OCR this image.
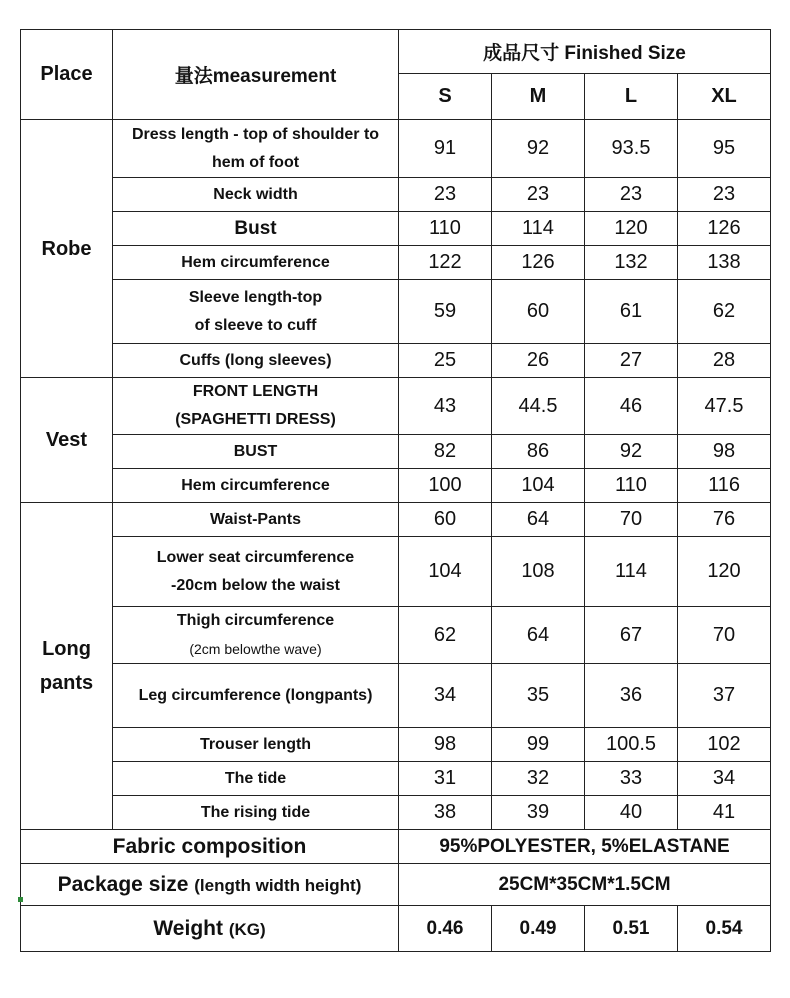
Place	量法measurement	成品尺寸 Finished Size			
		S	M	L	XL
Robe	Dress length - top of shoulder to
hem of foot	91	92	93.5	95

	Neck width	23	23	23	23

	Bust	110	114	120	126

	Hem circumference	122	126	132	138

	Sleeve length-top
of sleeve to cuff	59	60	61	62

	Cuffs (long sleeves)	25	26	27	28
Vest	FRONT LENGTH
(SPAGHETTI DRESS)	43	44.5	46	47.5

	BUST	82	86	92	98

	Hem circumference	100	104	110	116

Long
pants	Waist-Pants	60	64	70	76

	Lower seat circumference
-20cm below the waist	104	108	114	120

	Thigh circumference
(2cm belowthe wave)	62	64	67	70

	Leg circumference (longpants)	34	35	36	37

	Trouser length	98	99	100.5	102

	The tide	31	32	33	34

	The rising tide	38	39	40	41
Fabric composition		95%POLYESTER, 5%ELASTANE			
Package size (length width height)		25CM*35CM*1.5CM			
Weight (KG)		0.46	0.49	0.51	0.54
